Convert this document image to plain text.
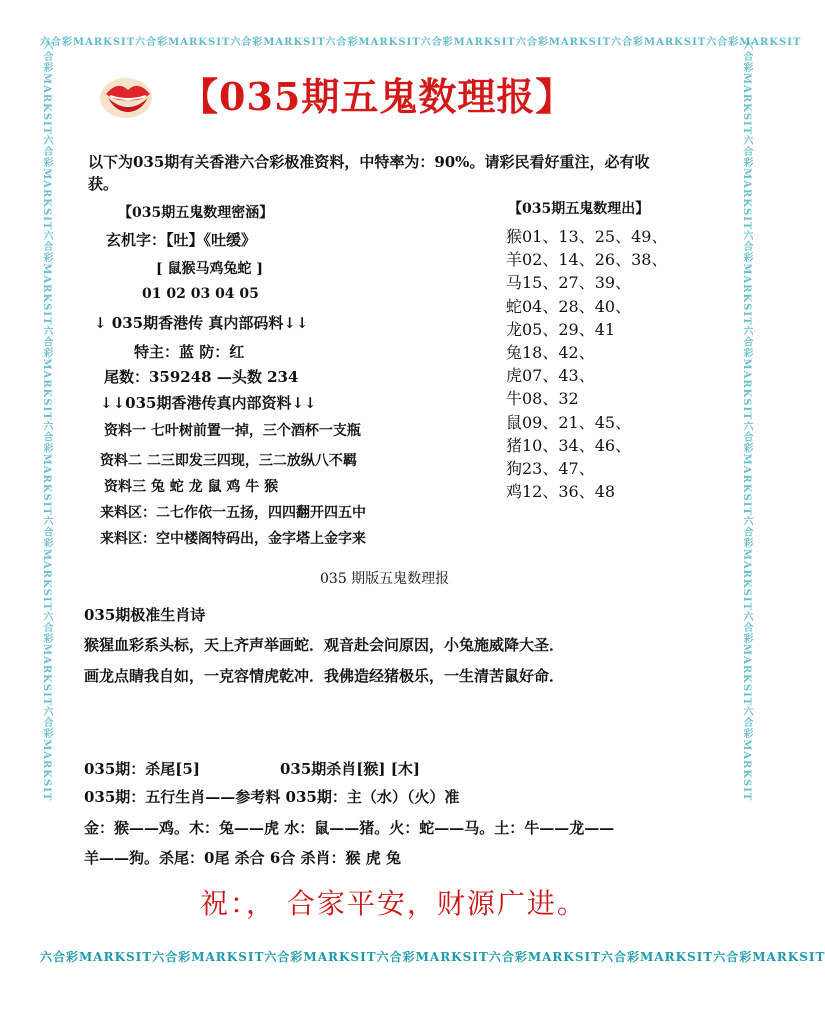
六合彩MARKSIT六合彩MARKSIT六合彩MARKSIT六合彩MARKSIT六合彩MARKSIT六合彩MARKSIT六合彩MARKSIT六合彩MARKSIT
六合彩MARKSIT六合彩MARKSIT六合彩MARKSIT六合彩MARKSIT六合彩MARKSIT六合彩MARKSIT六合彩MARKSIT六合彩MARKSIT	六合彩MARKSIT六合彩MARKSIT六合彩MARKSIT六合彩MARKSIT六合彩MARKSIT六合彩MARKSIT六合彩MARKSIT六合彩MARKSIT
六合彩MARKSIT六合彩MARKSIT六合彩MARKSIT六合彩MARKSIT六合彩MARKSIT六合彩MARKSIT六合彩MARKSIT
【035期五鬼数理报】
以下为035期有关香港六合彩极准资料，中特率为：90%。请彩民看好重注，必有收
获。
【035期五鬼数理密涵】
玄机字：【吐】《吐缓》
[ 鼠猴马鸡兔蛇 ]
01 02 03 04 05
↓ 035期香港传 真内部码料↓↓
特主：蓝 防：红
尾数：359248 —头数 234
↓↓035期香港传真内部资料↓↓
资料一 七叶树前置一掉，三个酒杯一支瓶
资料二 二三即发三四现，三二放纵八不羁
资料三 兔 蛇 龙 鼠 鸡 牛 猴
来料区：二七作依一五扬，四四翻开四五中
来料区：空中楼阁特码出，金字塔上金字来
【035期五鬼数理出】
猴01、13、25、49、
羊02、14、26、38、
马15、27、39、
蛇04、28、40、
龙05、29、41
兔18、42、
虎07、43、
牛08、32
鼠09、21、45、
猪10、34、46、
狗23、47、
鸡12、36、48
035 期版五鬼数理报
035期极准生肖诗
猴猩血彩系头标，天上齐声举画蛇．观音赴会问原因，小兔施威降大圣．
画龙点睛我自如，一克容情虎乾冲．我佛造经猪极乐，一生清苦鼠好命．
035期：杀尾[5]	035期杀肖[猴] [木]
035期：五行生肖——参考料 035期：主（水）（火）准
金：猴——鸡。木：兔——虎 水：鼠——猪。火：蛇——马。土：牛——龙——
羊——狗。杀尾：0尾 杀合 6合 杀肖：猴 虎 兔
祝：， 合家平安，财源广进。
